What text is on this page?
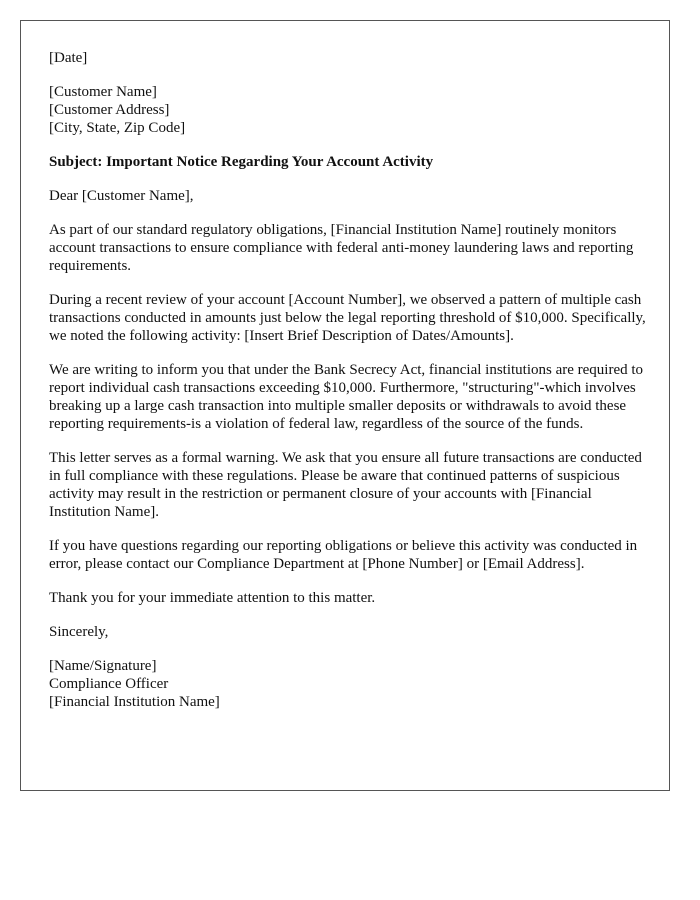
[Date]
[Customer Name]
[Customer Address]
[City, State, Zip Code]

Subject: Important Notice Regarding Your Account Activity

Dear [Customer Name],

As part of our standard regulatory obligations, [Financial Institution Name] routinely monitors account transactions to ensure compliance with federal anti-money laundering laws and reporting requirements.

During a recent review of your account [Account Number], we observed a pattern of multiple cash transactions conducted in amounts just below the legal reporting threshold of $10,000. Specifically, we noted the following activity: [Insert Brief Description of Dates/Amounts].

We are writing to inform you that under the Bank Secrecy Act, financial institutions are required to report individual cash transactions exceeding $10,000. Furthermore, "structuring"-which involves breaking up a large cash transaction into multiple smaller deposits or withdrawals to avoid these reporting requirements-is a violation of federal law, regardless of the source of the funds.

This letter serves as a formal warning. We ask that you ensure all future transactions are conducted in full compliance with these regulations. Please be aware that continued patterns of suspicious activity may result in the restriction or permanent closure of your accounts with [Financial Institution Name].

If you have questions regarding our reporting obligations or believe this activity was conducted in error, please contact our Compliance Department at [Phone Number] or [Email Address].

Thank you for your immediate attention to this matter.

Sincerely,

[Name/Signature]
Compliance Officer
[Financial Institution Name]
